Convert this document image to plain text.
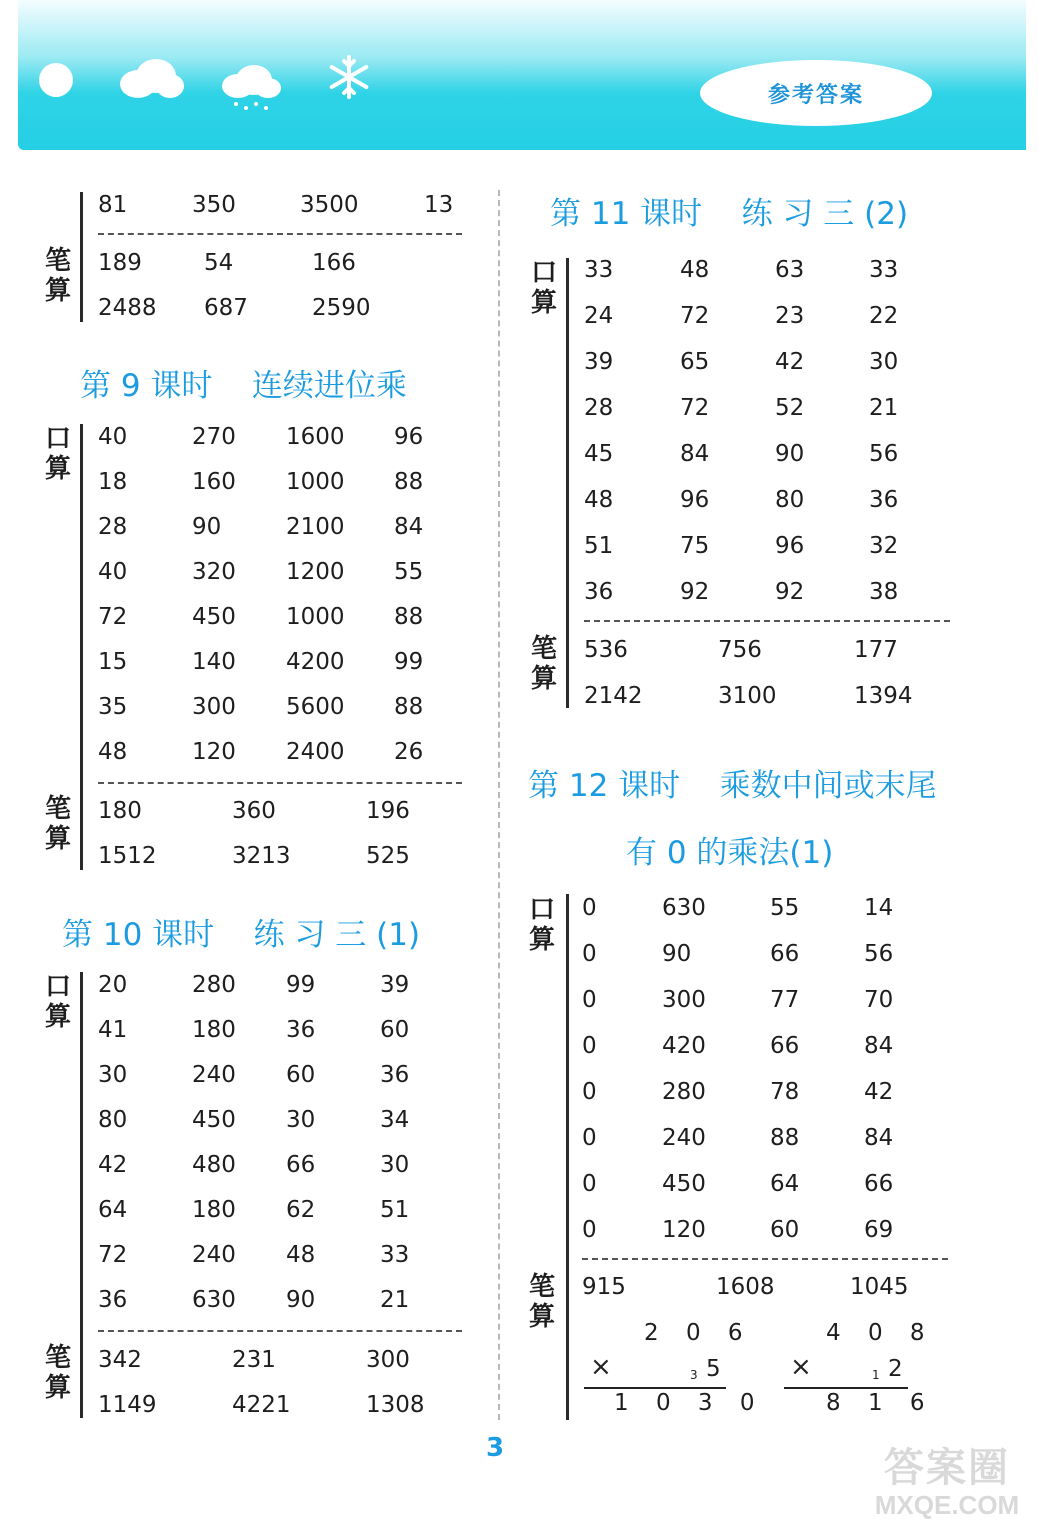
参考答案
81	350	3500	13
笔算
189	54	166
2488 687	2590
第 9 课时    连续进位乘
口算
40	270 1600 96
18	160 1000 88
28	90	2100 84
40	320 1200 55
72	450 1000 88
15	140 4200 99
35	300 5600 88
48	120 2400 26
笔算
180	360	196
1512	3213	525
第 10 课时    练 习 三 (1)
口算
20	280 99	39
41	180 36	60
30	240 60	36
80	450 30	34
42	480 66	30
64	180 62	51
72	240 48	33
36	630 90	21
笔算
342	231	300
1149	4221	1308
第 11 课时    练 习 三 (2)
口算
33	48	63	33
24	72	23	22
39	65	42	30
28	72	52	21
45	84	90	56
48	96	80	36
51	75	96	32
36	92	92	38
笔算
536	756	177
2142	3100	1394
第 12 课时    乘数中间或末尾
有 0 的乘法(1)
口算
0	630	55	14
0	90	66	56
0	300	77	70
0	420	66	84
0	280	78	42
0	240	88	84
0	450	64	66
0	120	60	69
笔算
915	1608	1045
2 0 6
×	3 5
1 0 3 0
4 0 8
×	1 2
8 1 6
3	答案圈
MXQE.COM
